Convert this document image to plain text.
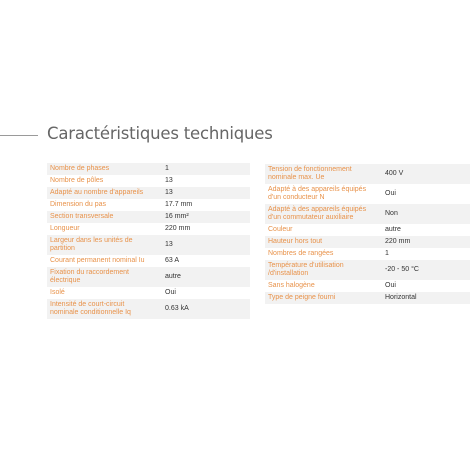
Caractéristiques techniques
Nombre de phases	1
Nombre de pôles	13
Adapté au nombre d'appareils	13
Dimension du pas	17.7 mm
Section transversale	16 mm²
Longueur	220 mm
Largeur dans les unités de partition	13
Courant permanent nominal Iu	63 A
Fixation du raccordement électrique	autre
Isolé	Oui
Intensité de court-circuit nominale conditionnelle Iq	0.63 kA
Tension de fonctionnement nominale max. Ue	400 V
Adapté à des appareils équipés d'un conducteur N	Oui
Adapté à des appareils équipés d'un commutateur auxiliaire	Non
Couleur	autre
Hauteur hors tout	220 mm
Nombres de rangées	1
Température d'utilisation /d'installation	-20 - 50 °C
Sans halogène	Oui
Type de peigne fourni	Horizontal
